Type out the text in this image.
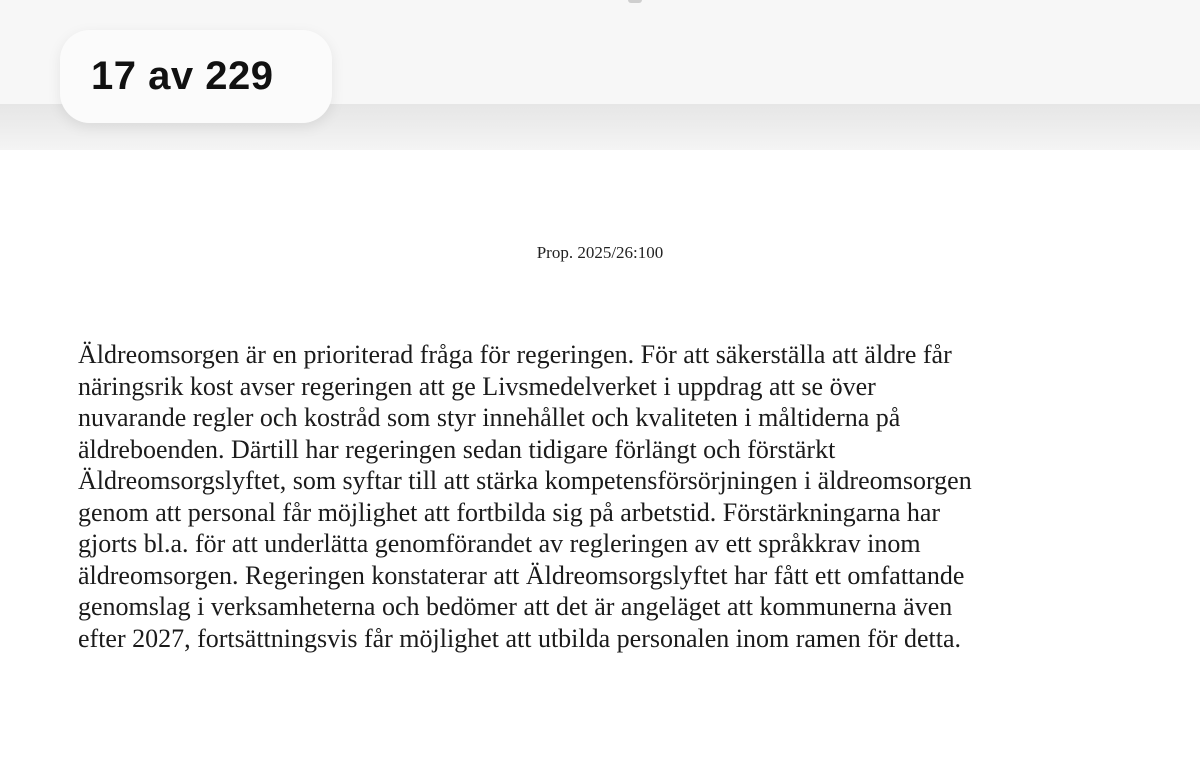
17 av 229
Prop. 2025/26:100

Äldreomsorgen är en prioriterad fråga för regeringen. För att säkerställa att äldre får
näringsrik kost avser regeringen att ge Livsmedelverket i uppdrag att se över
nuvarande regler och kostråd som styr innehållet och kvaliteten i måltiderna på
äldreboenden. Därtill har regeringen sedan tidigare förlängt och förstärkt
Äldreomsorgslyftet, som syftar till att stärka kompetensförsörjningen i äldreomsorgen
genom att personal får möjlighet att fortbilda sig på arbetstid. Förstärkningarna har
gjorts bl.a. för att underlätta genomförandet av regleringen av ett språkkrav inom
äldreomsorgen. Regeringen konstaterar att Äldreomsorgslyftet har fått ett omfattande
genomslag i verksamheterna och bedömer att det är angeläget att kommunerna även
efter 2027, fortsättningsvis får möjlighet att utbilda personalen inom ramen för detta.
